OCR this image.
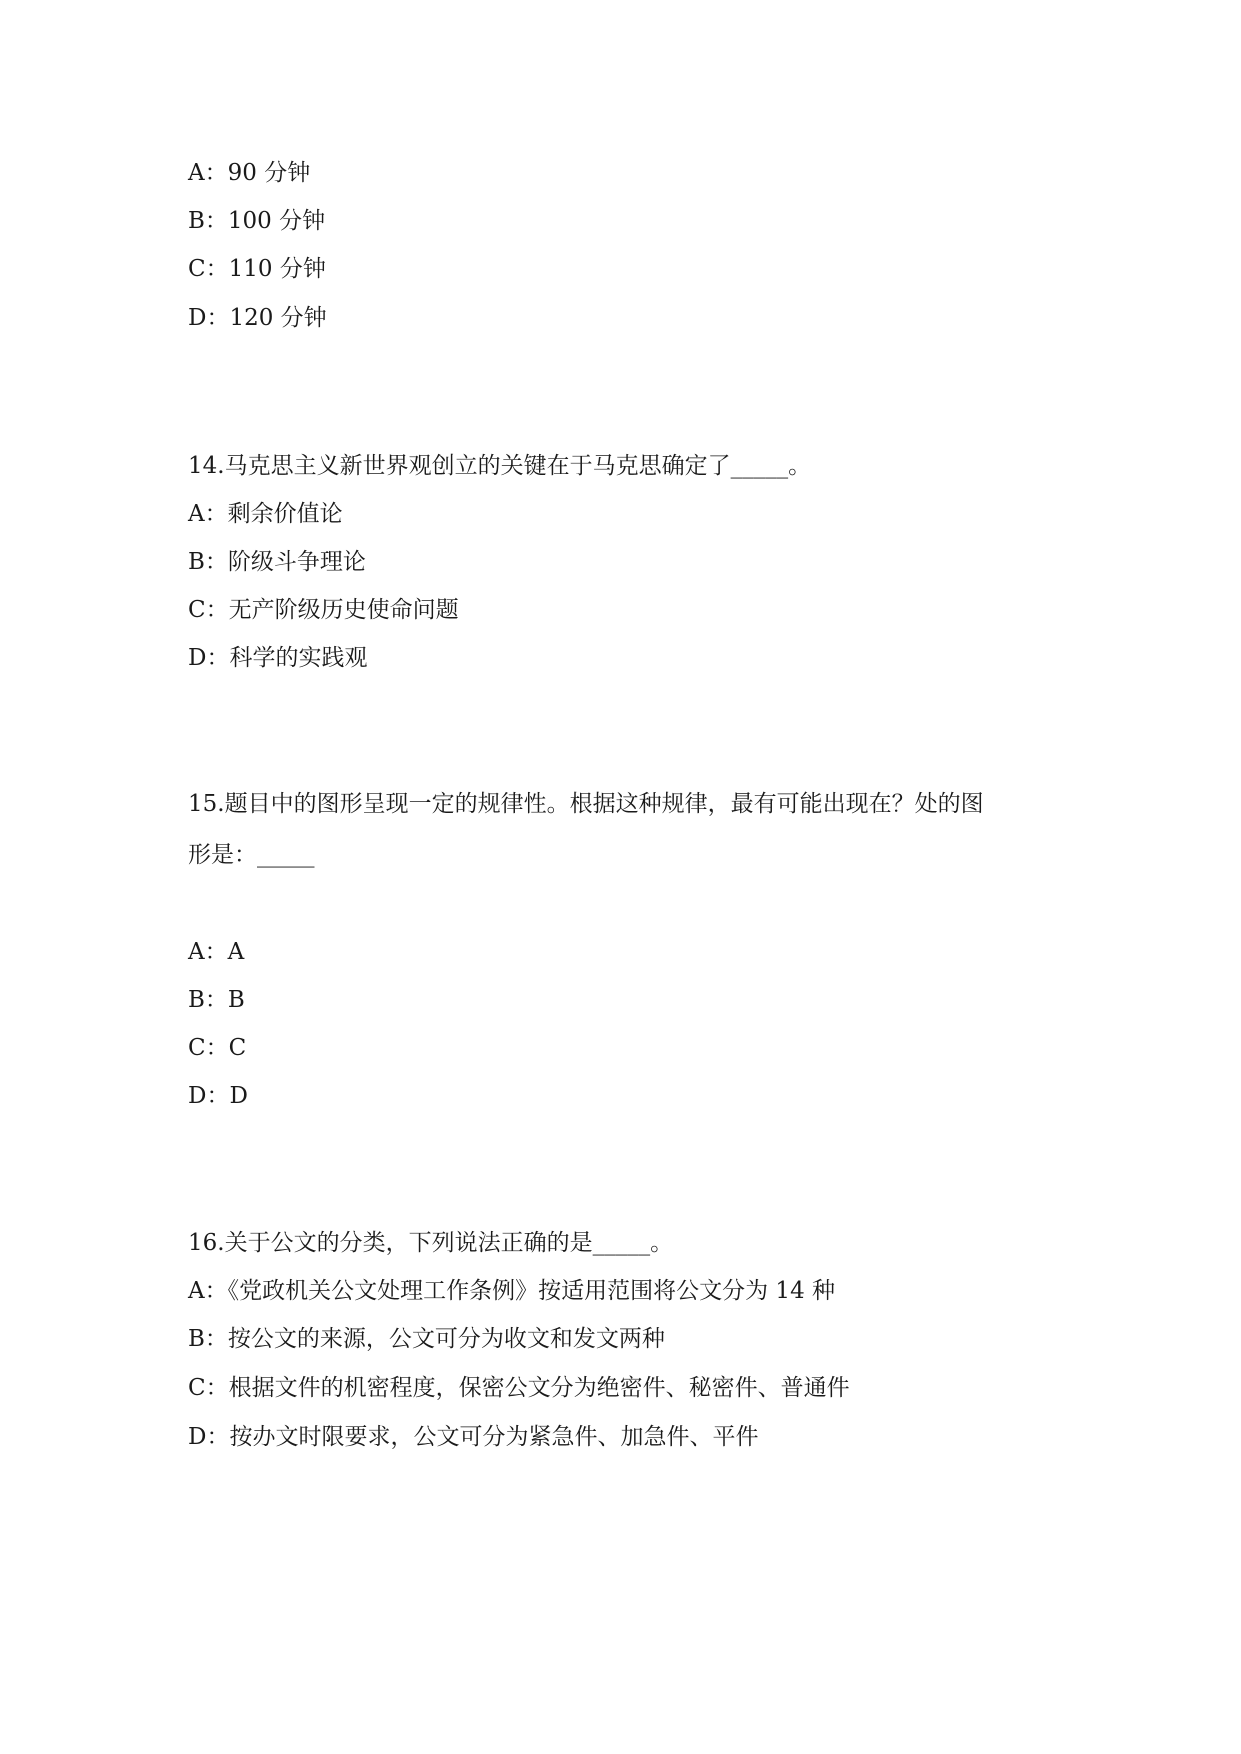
A：90 分钟
B：100 分钟
C：110 分钟
D：120 分钟
14.马克思主义新世界观创立的关键在于马克思确定了_____。
A：剩余价值论
B：阶级斗争理论
C：无产阶级历史使命问题
D：科学的实践观
15.题目中的图形呈现一定的规律性。根据这种规律，最有可能出现在？处的图
形是：_____
A：A
B：B
C：C
D：D
16.关于公文的分类，下列说法正确的是_____。
A：《党政机关公文处理工作条例》按适用范围将公文分为 14 种
B：按公文的来源，公文可分为收文和发文两种
C：根据文件的机密程度，保密公文分为绝密件、秘密件、普通件
D：按办文时限要求，公文可分为紧急件、加急件、平件
